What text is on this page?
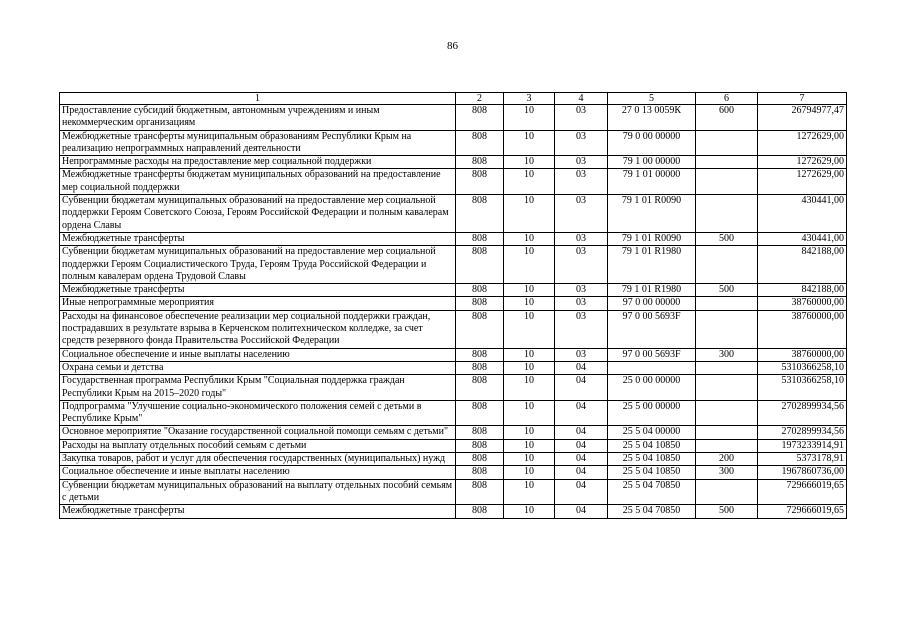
86
1	2	3	4	5	6	7
Предоставление субсидий бюджетным, автономным учреждениям и иным некоммерческим организациям	808	10	03	27 0 13 0059К	600	26794977,47
Межбюджетные трансферты муниципальным образованиям Республики Крым на реализацию непрограммных направлений деятельности	808	10	03	79 0 00 00000		1272629,00
Непрограммные расходы на предоставление мер социальной поддержки	808	10	03	79 1 00 00000		1272629,00
Межбюджетные трансферты бюджетам муниципальных образований на предоставление мер социальной поддержки	808	10	03	79 1 01 00000		1272629,00
Субвенции бюджетам муниципальных образований на предоставление мер социальной поддержки Героям Советского Союза, Героям Российской Федерации и полным кавалерам ордена Славы	808	10	03	79 1 01 R0090		430441,00
Межбюджетные трансферты	808	10	03	79 1 01 R0090	500	430441,00
Субвенции бюджетам муниципальных образований на предоставление мер социальной поддержки Героям Социалистического Труда, Героям Труда Российской Федерации и полным кавалерам ордена Трудовой Славы	808	10	03	79 1 01 R1980		842188,00
Межбюджетные трансферты	808	10	03	79 1 01 R1980	500	842188,00
Иные непрограммные мероприятия	808	10	03	97 0 00 00000		38760000,00
Расходы на финансовое обеспечение реализации мер социальной поддержки граждан, пострадавших в результате взрыва в Керченском политехническом колледже, за счет средств резервного фонда Правительства Российской Федерации	808	10	03	97 0 00 5693F		38760000,00
Социальное обеспечение и иные выплаты населению	808	10	03	97 0 00 5693F	300	38760000,00
Охрана семьи и детства	808	10	04			5310366258,10
Государственная программа Республики Крым "Социальная поддержка граждан Республики Крым на 2015–2020 годы"	808	10	04	25 0 00 00000		5310366258,10
Подпрограмма "Улучшение социально-экономического положения семей с детьми в Республике Крым"	808	10	04	25 5 00 00000		2702899934,56
Основное мероприятие "Оказание государственной социальной помощи семьям с детьми"	808	10	04	25 5 04 00000		2702899934,56
Расходы на выплату отдельных пособий семьям с детьми	808	10	04	25 5 04 10850		1973233914,91
Закупка товаров, работ и услуг для обеспечения государственных (муниципальных) нужд	808	10	04	25 5 04 10850	200	5373178,91
Социальное обеспечение и иные выплаты населению	808	10	04	25 5 04 10850	300	1967860736,00
Субвенции бюджетам муниципальных образований на выплату отдельных пособий семьям с детьми	808	10	04	25 5 04 70850		729666019,65
Межбюджетные трансферты	808	10	04	25 5 04 70850	500	729666019,65
